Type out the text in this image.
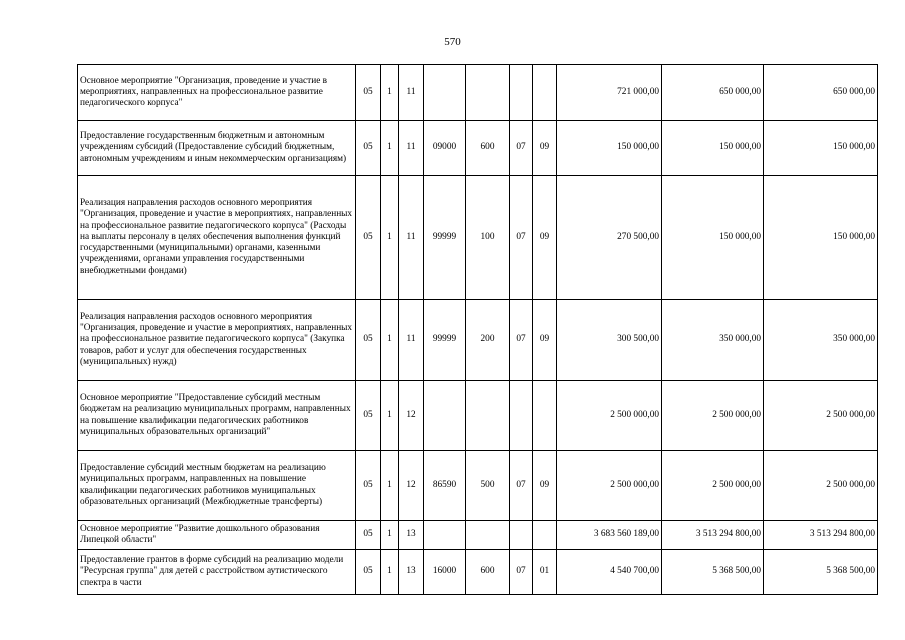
570
Основное мероприятие "Организация, проведение и участие в мероприятиях, направленных на профессиональное развитие педагогического корпуса"	05	1	11					721 000,00	650 000,00	650 000,00
Предоставление государственным бюджетным и автономным учреждениям субсидий (Предоставление субсидий бюджетным, автономным учреждениям и иным некоммерческим организациям)	05	1	11	09000	600	07	09	150 000,00	150 000,00	150 000,00
Реализация направления расходов основного мероприятия "Организация, проведение и участие в мероприятиях, направленных на профессиональное развитие педагогического корпуса" (Расходы на выплаты персоналу в целях обеспечения выполнения функций государственными (муниципальными) органами, казенными учреждениями, органами управления государственными внебюджетными фондами)	05	1	11	99999	100	07	09	270 500,00	150 000,00	150 000,00
Реализация направления расходов основного мероприятия "Организация, проведение и участие в мероприятиях, направленных на профессиональное развитие педагогического корпуса" (Закупка товаров, работ и услуг для обеспечения государственных (муниципальных) нужд)	05	1	11	99999	200	07	09	300 500,00	350 000,00	350 000,00
Основное мероприятие "Предоставление субсидий местным бюджетам на реализацию муниципальных программ, направленных на повышение квалификации педагогических работников муниципальных образовательных организаций"	05	1	12					2 500 000,00	2 500 000,00	2 500 000,00
Предоставление субсидий местным бюджетам на реализацию муниципальных программ, направленных на повышение квалификации педагогических работников муниципальных образовательных организаций (Межбюджетные трансферты)	05	1	12	86590	500	07	09	2 500 000,00	2 500 000,00	2 500 000,00
Основное мероприятие "Развитие дошкольного образования Липецкой области"	05	1	13					3 683 560 189,00	3 513 294 800,00	3 513 294 800,00
Предоставление грантов в форме субсидий на реализацию модели "Ресурсная группа" для детей с расстройством аутистического спектра в части	05	1	13	16000	600	07	01	4 540 700,00	5 368 500,00	5 368 500,00
